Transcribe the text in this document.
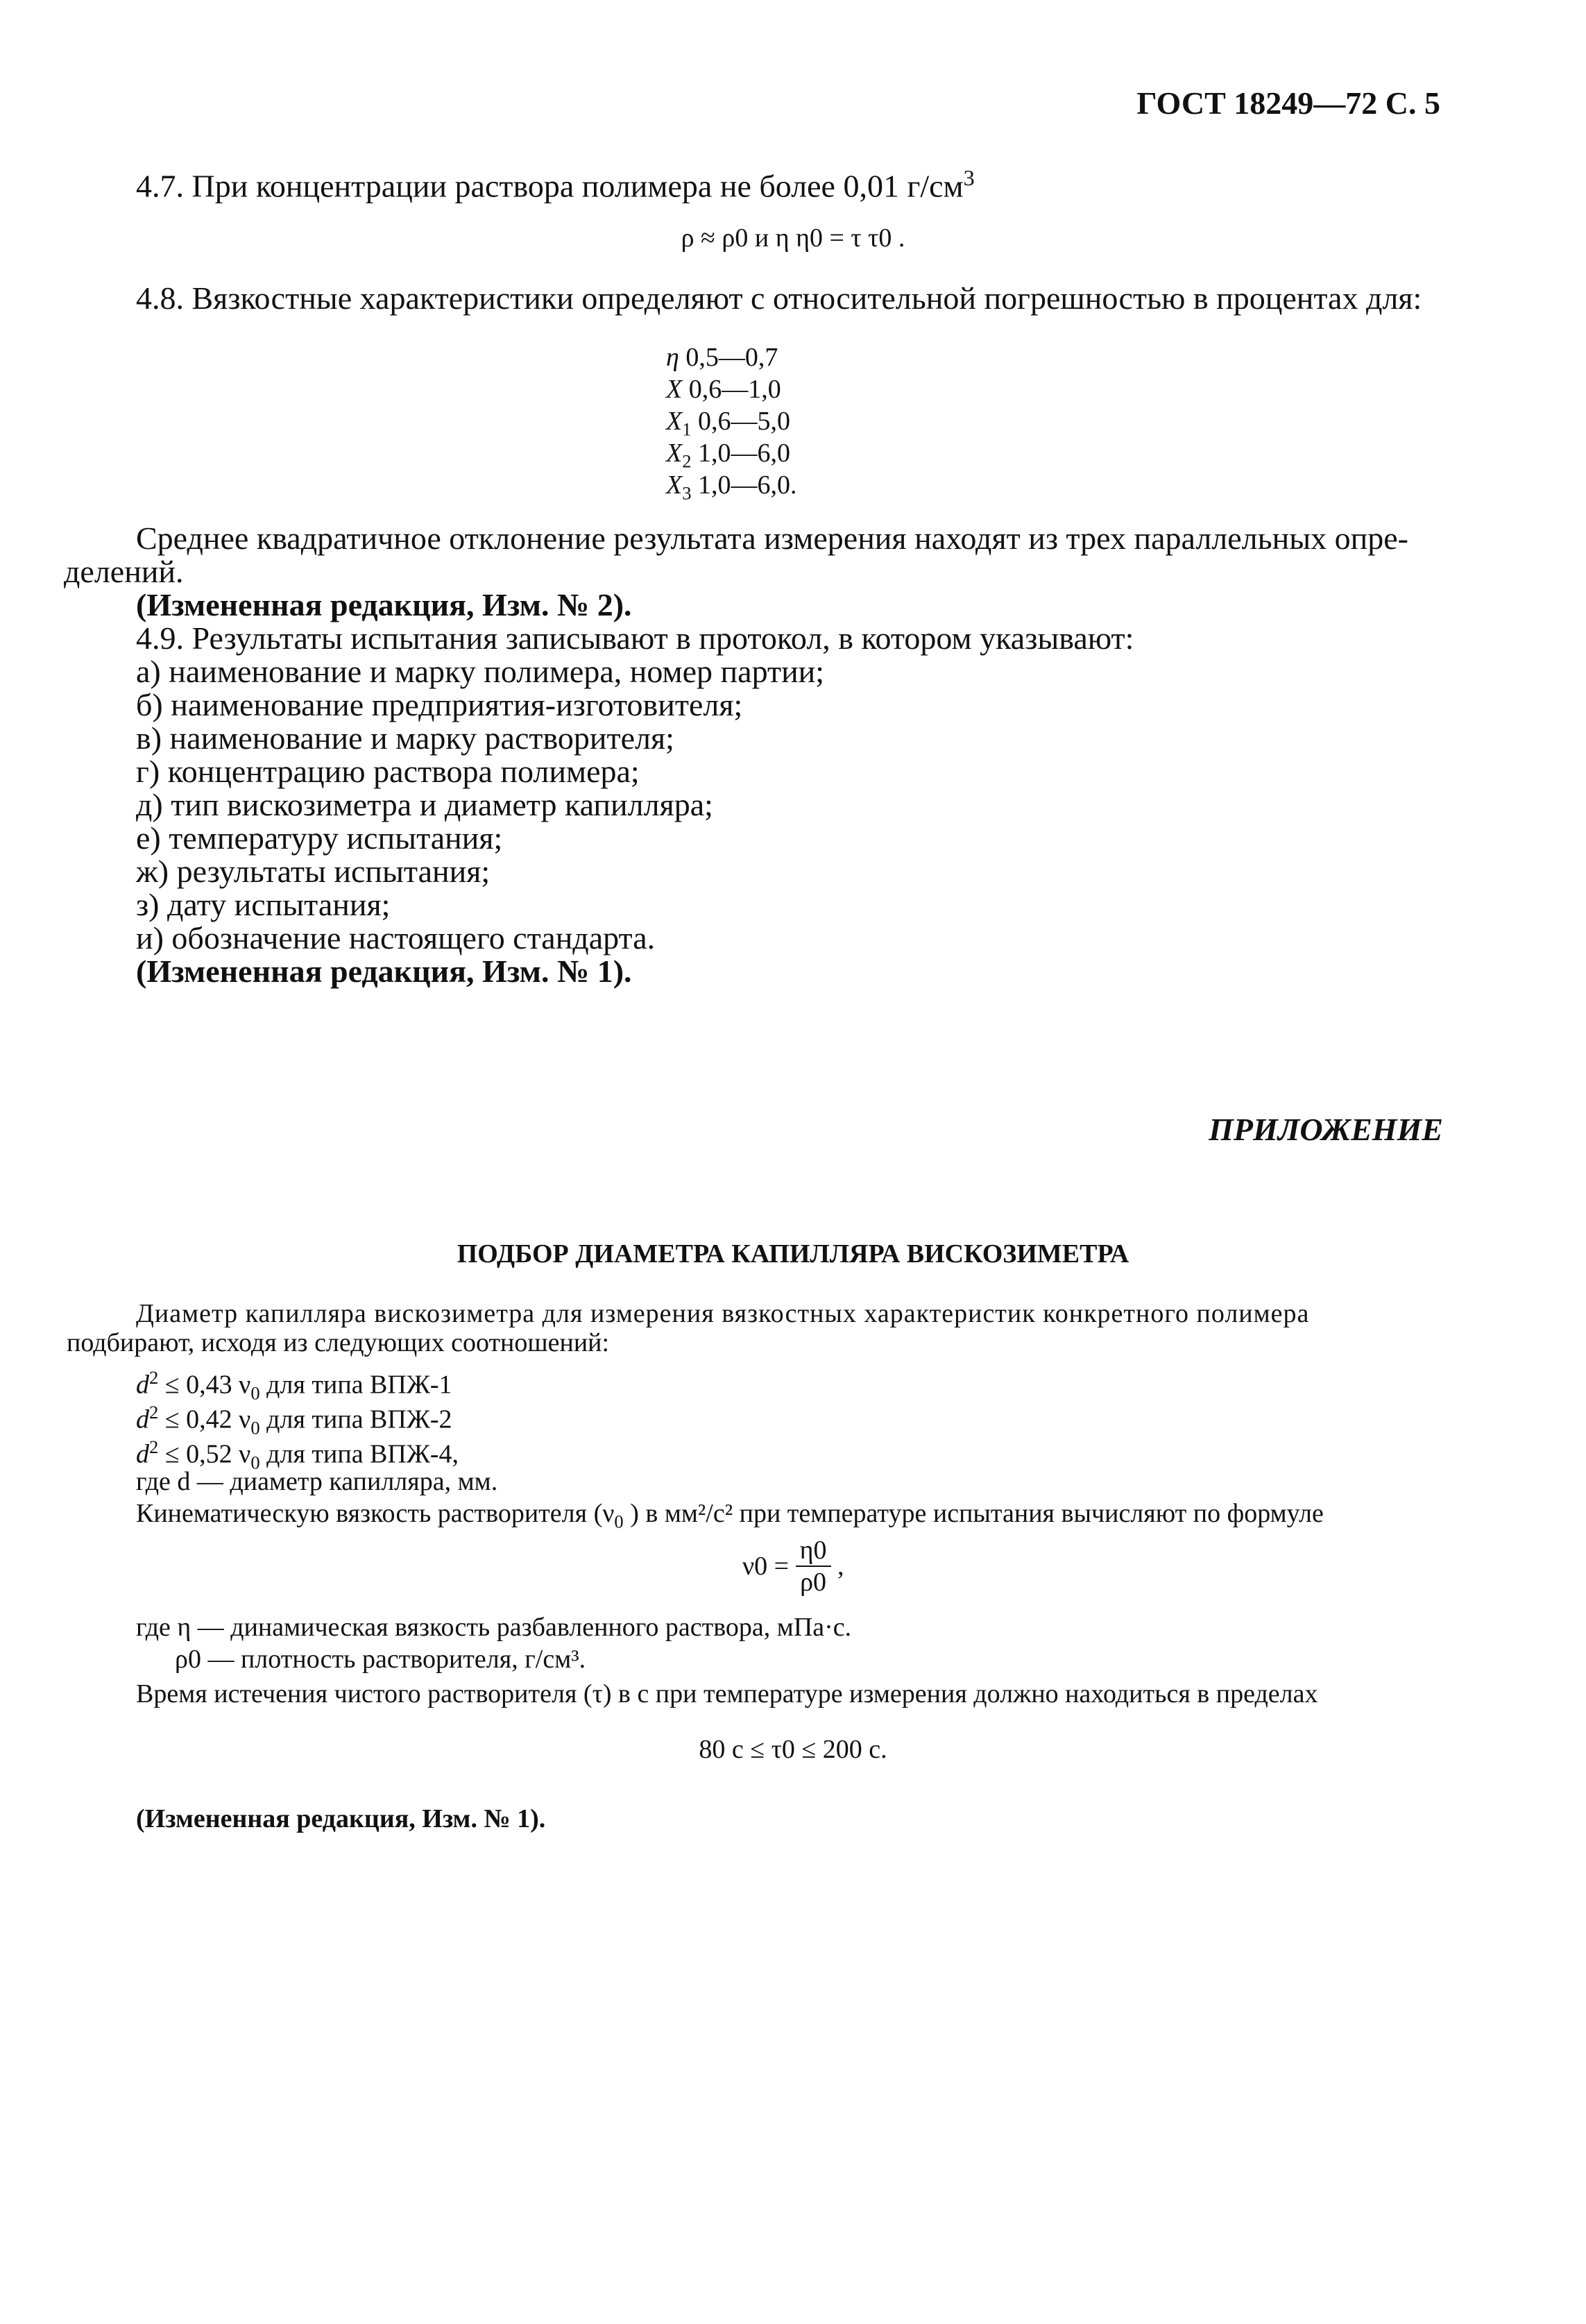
ГОСТ 18249—72 С. 5
4.7. При концентрации раствора полимера не более 0,01 $г/см^3$
ρ ≈ ρ0 и η η0 = τ τ0 .
4.8. Вязкостные характеристики определяют с относительной погрешностью в процентах для:
η 0,5—0,7
X 0,6—1,0
$X_1$ 0,6—5,0
$X_2$ 1,0—6,0
$X_3$ 1,0—6,0.
Среднее квадратичное отклонение результата измерения находят из трех параллельных опре-
делений.
(Измененная редакция, Изм. № 2).
4.9. Результаты испытания записывают в протокол, в котором указывают:
а) наименование и марку полимера, номер партии;
б) наименование предприятия-изготовителя;
в) наименование и марку растворителя;
г) концентрацию раствора полимера;
д) тип вискозиметра и диаметр капилляра;
е) температуру испытания;
ж) результаты испытания;
з) дату испытания;
и) обозначение настоящего стандарта.
(Измененная редакция, Изм. № 1).
ПРИЛОЖЕНИЕ
ПОДБОР ДИАМЕТРА КАПИЛЛЯРА ВИСКОЗИМЕТРА
Диаметр капилляра вискозиметра для измерения вязкостных характеристик конкретного полимера
подбирают, исходя из следующих соотношений:
$d^2 \le 0,43$ $\nu_0$ для типа ВПЖ-1
$d^2 \le 0,42$ $\nu_0$ для типа ВПЖ-2
$d^2 \le 0,52$ $\nu_0$ для типа ВПЖ-4,
где d — диаметр капилляра, мм.
Кинематическую вязкость растворителя ($\nu_0$ ) в мм²/с² при температуре испытания вычисляют по формуле
$\nu 0 = \frac{\eta 0}{\rho 0}$ ,
где η — динамическая вязкость разбавленного раствора, мПа·с.
ρ0 — плотность растворителя, г/см³.
Время истечения чистого растворителя (τ) в с при температуре измерения должно находиться в пределах
80 с ≤ τ0 ≤ 200 с.
(Измененная редакция, Изм. № 1).
